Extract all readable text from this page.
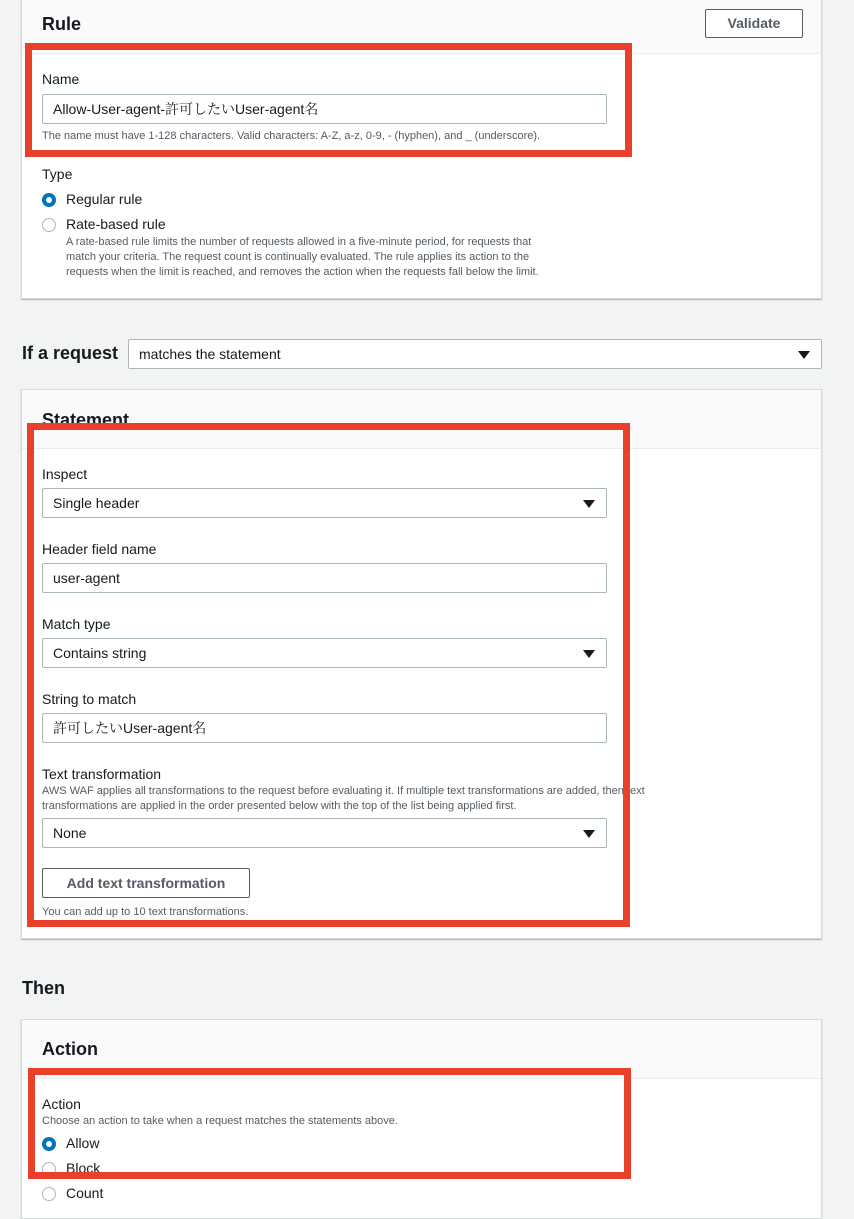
Rule	Validate
Name
Allow-User-agent-許可したいUser-agent名
The name must have 1-128 characters. Valid characters: A-Z, a-z, 0-9, - (hyphen), and _ (underscore).
Type
Regular rule
Rate-based rule
A rate-based rule limits the number of requests allowed in a five-minute period, for requests that
match your criteria. The request count is continually evaluated. The rule applies its action to the
requests when the limit is reached, and removes the action when the requests fall below the limit.
If a request	matches the statement
Statement
Inspect
Single header
Header field name
user-agent
Match type
Contains string
String to match
許可したいUser-agent名
Text transformation
AWS WAF applies all transformations to the request before evaluating it. If multiple text transformations are added, then text
transformations are applied in the order presented below with the top of the list being applied first.
None
Add text transformation
You can add up to 10 text transformations.
Then
Action
Action
Choose an action to take when a request matches the statements above.
Allow
Block
Count
